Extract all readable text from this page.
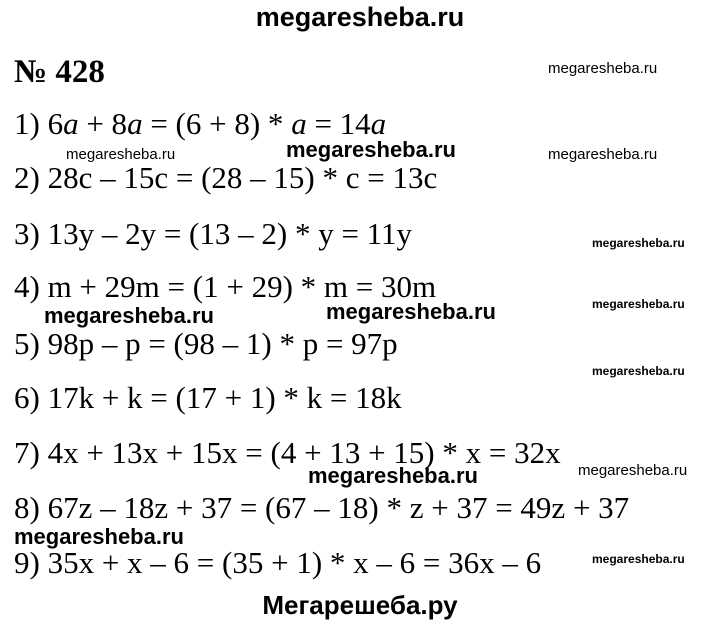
megaresheba.ru
№ 428	megaresheba.ru
1) 6a + 8a = (6 + 8) * a = 14a
megaresheba.ru	megaresheba.ru	megaresheba.ru
2) 28c – 15c = (28 – 15) * c = 13c
3) 13y – 2y = (13 – 2) * y = 11y	megaresheba.ru
4) m + 29m = (1 + 29) * m = 30m
megaresheba.ru	megaresheba.ru	megaresheba.ru
5) 98p – p = (98 – 1) * p = 97p
megaresheba.ru
6) 17k + k = (17 + 1) * k = 18k
7) 4x + 13x + 15x = (4 + 13 + 15) * x = 32x
megaresheba.ru	megaresheba.ru
8) 67z – 18z + 37 = (67 – 18) * z + 37 = 49z + 37
megaresheba.ru
9) 35x + x – 6 = (35 + 1) * x – 6 = 36x – 6	megaresheba.ru
Мегарешеба.ру
